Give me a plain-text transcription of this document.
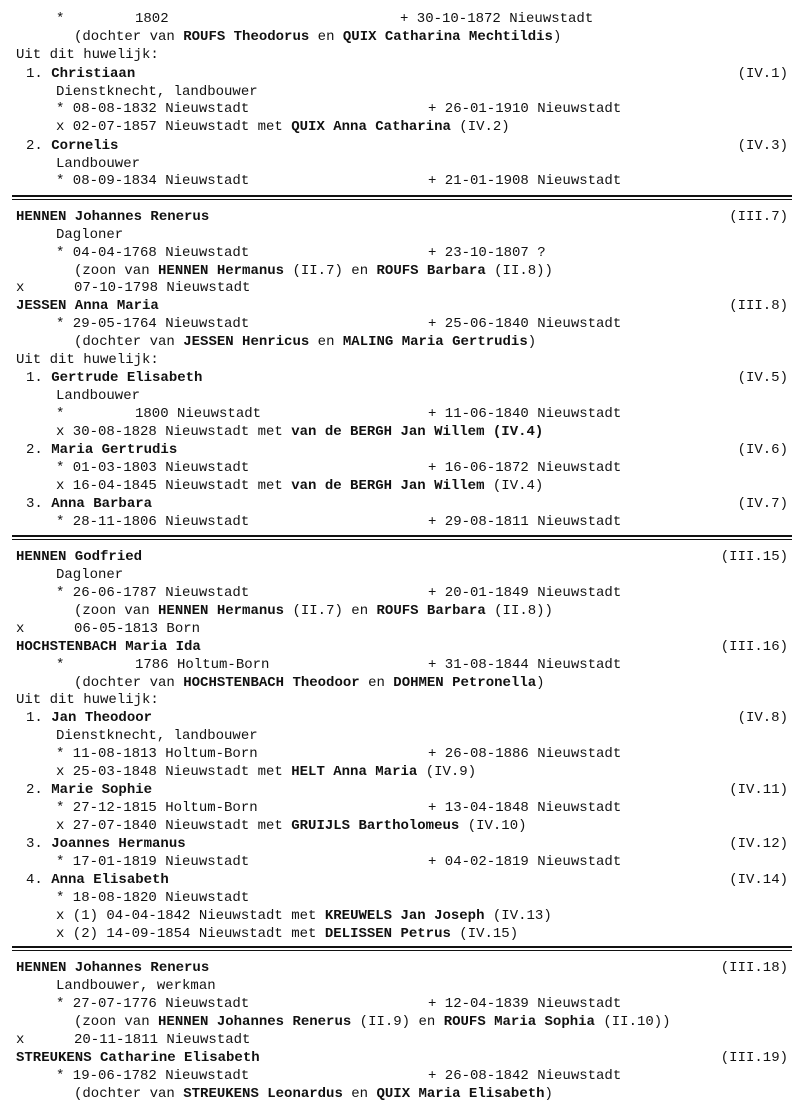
*	1802	+ 30-10-1872 Nieuwstadt
(dochter van ROUFS Theodorus en QUIX Catharina Mechtildis)
Uit dit huwelijk:
1. Christiaan	(IV.1)
Dienstknecht, landbouwer
* 08-08-1832 Nieuwstadt	+ 26-01-1910 Nieuwstadt
x 02-07-1857 Nieuwstadt met QUIX Anna Catharina (IV.2)
2. Cornelis	(IV.3)
Landbouwer
* 08-09-1834 Nieuwstadt	+ 21-01-1908 Nieuwstadt
HENNEN Johannes Renerus	(III.7)
Dagloner
* 04-04-1768 Nieuwstadt	+ 23-10-1807 ?
(zoon van HENNEN Hermanus (II.7) en ROUFS Barbara (II.8))
x	07-10-1798 Nieuwstadt
JESSEN Anna Maria	(III.8)
* 29-05-1764 Nieuwstadt	+ 25-06-1840 Nieuwstadt
(dochter van JESSEN Henricus en MALING Maria Gertrudis)
Uit dit huwelijk:
1. Gertrude Elisabeth	(IV.5)
Landbouwer
*	1800 Nieuwstadt	+ 11-06-1840 Nieuwstadt
x 30-08-1828 Nieuwstadt met van de BERGH Jan Willem (IV.4)
2. Maria Gertrudis	(IV.6)
* 01-03-1803 Nieuwstadt	+ 16-06-1872 Nieuwstadt
x 16-04-1845 Nieuwstadt met van de BERGH Jan Willem (IV.4)
3. Anna Barbara	(IV.7)
* 28-11-1806 Nieuwstadt	+ 29-08-1811 Nieuwstadt
HENNEN Godfried	(III.15)
Dagloner
* 26-06-1787 Nieuwstadt	+ 20-01-1849 Nieuwstadt
(zoon van HENNEN Hermanus (II.7) en ROUFS Barbara (II.8))
x	06-05-1813 Born
HOCHSTENBACH Maria Ida	(III.16)
*	1786 Holtum-Born	+ 31-08-1844 Nieuwstadt
(dochter van HOCHSTENBACH Theodoor en DOHMEN Petronella)
Uit dit huwelijk:
1. Jan Theodoor	(IV.8)
Dienstknecht, landbouwer
* 11-08-1813 Holtum-Born	+ 26-08-1886 Nieuwstadt
x 25-03-1848 Nieuwstadt met HELT Anna Maria (IV.9)
2. Marie Sophie	(IV.11)
* 27-12-1815 Holtum-Born	+ 13-04-1848 Nieuwstadt
x 27-07-1840 Nieuwstadt met GRUIJLS Bartholomeus (IV.10)
3. Joannes Hermanus	(IV.12)
* 17-01-1819 Nieuwstadt	+ 04-02-1819 Nieuwstadt
4. Anna Elisabeth	(IV.14)
* 18-08-1820 Nieuwstadt
x (1) 04-04-1842 Nieuwstadt met KREUWELS Jan Joseph (IV.13)
x (2) 14-09-1854 Nieuwstadt met DELISSEN Petrus (IV.15)
HENNEN Johannes Renerus	(III.18)
Landbouwer, werkman
* 27-07-1776 Nieuwstadt	+ 12-04-1839 Nieuwstadt
(zoon van HENNEN Johannes Renerus (II.9) en ROUFS Maria Sophia (II.10))
x	20-11-1811 Nieuwstadt
STREUKENS Catharine Elisabeth	(III.19)
* 19-06-1782 Nieuwstadt	+ 26-08-1842 Nieuwstadt
(dochter van STREUKENS Leonardus en QUIX Maria Elisabeth)
